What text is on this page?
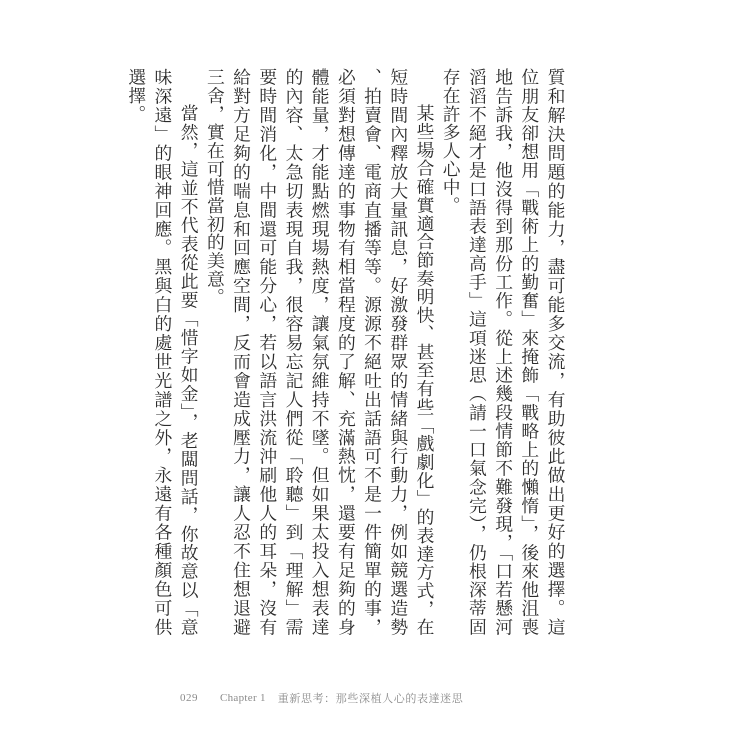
質和解決問題的能力，盡可能多交流，有助彼此做出更好的選擇。這位朋友卻想用「戰術上的勤奮」來掩飾「戰略上的懶惰」，後來他沮喪地告訴我，他沒得到那份工作。從上述幾段情節不難發現，「口若懸河滔滔不絕才是口語表達高手」這項迷思（請一口氣念完），仍根深蒂固存在許多人心中。

某些場合確實適合節奏明快、甚至有些「戲劇化」的表達方式，在短時間內釋放大量訊息，好激發群眾的情緒與行動力，例如競選造勢、拍賣會、電商直播等等。源源不絕吐出話語可不是一件簡單的事，必須對想傳達的事物有相當程度的了解、充滿熱忱，還要有足夠的身體能量，才能點燃現場熱度，讓氣氛維持不墜。但如果太投入想表達的內容、太急切表現自我，很容易忘記人們從「聆聽」到「理解」需要時間消化，中間還可能分心，若以語言洪流沖刷他人的耳朵，沒有給對方足夠的喘息和回應空間，反而會造成壓力，讓人忍不住想退避三舍，實在可惜當初的美意。

當然，這並不代表從此要「惜字如金」，老闆問話，你故意以「意味深遠」的眼神回應。黑與白的處世光譜之外，永遠有各種顏色可供選擇。

029 Chapter 1 重新思考：那些深植人心的表達迷思
